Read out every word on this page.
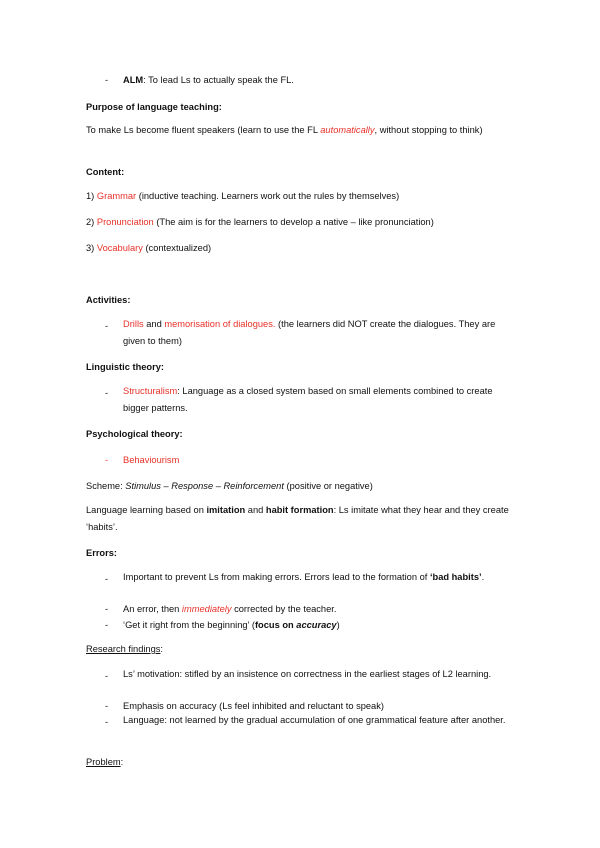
- ALM: To lead Ls to actually speak the FL.
Purpose of language teaching:
To make Ls become fluent speakers (learn to use the FL automatically, without stopping to think)
Content:
1) Grammar (inductive teaching. Learners work out the rules by themselves)
2) Pronunciation (The aim is for the learners to develop a native – like pronunciation)
3) Vocabulary (contextualized)
Activities:
- Drills and memorisation of dialogues. (the learners did NOT create the dialogues. They are given to them)
Linguistic theory:
- Structuralism: Language as a closed system based on small elements combined to create bigger patterns.
Psychological theory:
- Behaviourism
Scheme: Stimulus – Response – Reinforcement (positive or negative)
Language learning based on imitation and habit formation: Ls imitate what they hear and they create ‘habits’.
Errors:
- Important to prevent Ls from making errors. Errors lead to the formation of ‘bad habits’.
- An error, then immediately corrected by the teacher.
- ‘Get it right from the beginning’ (focus on accuracy)
Research findings:
- Ls’ motivation: stifled by an insistence on correctness in the earliest stages of L2 learning.
- Emphasis on accuracy (Ls feel inhibited and reluctant to speak)
- Language: not learned by the gradual accumulation of one grammatical feature after another.
Problem:
